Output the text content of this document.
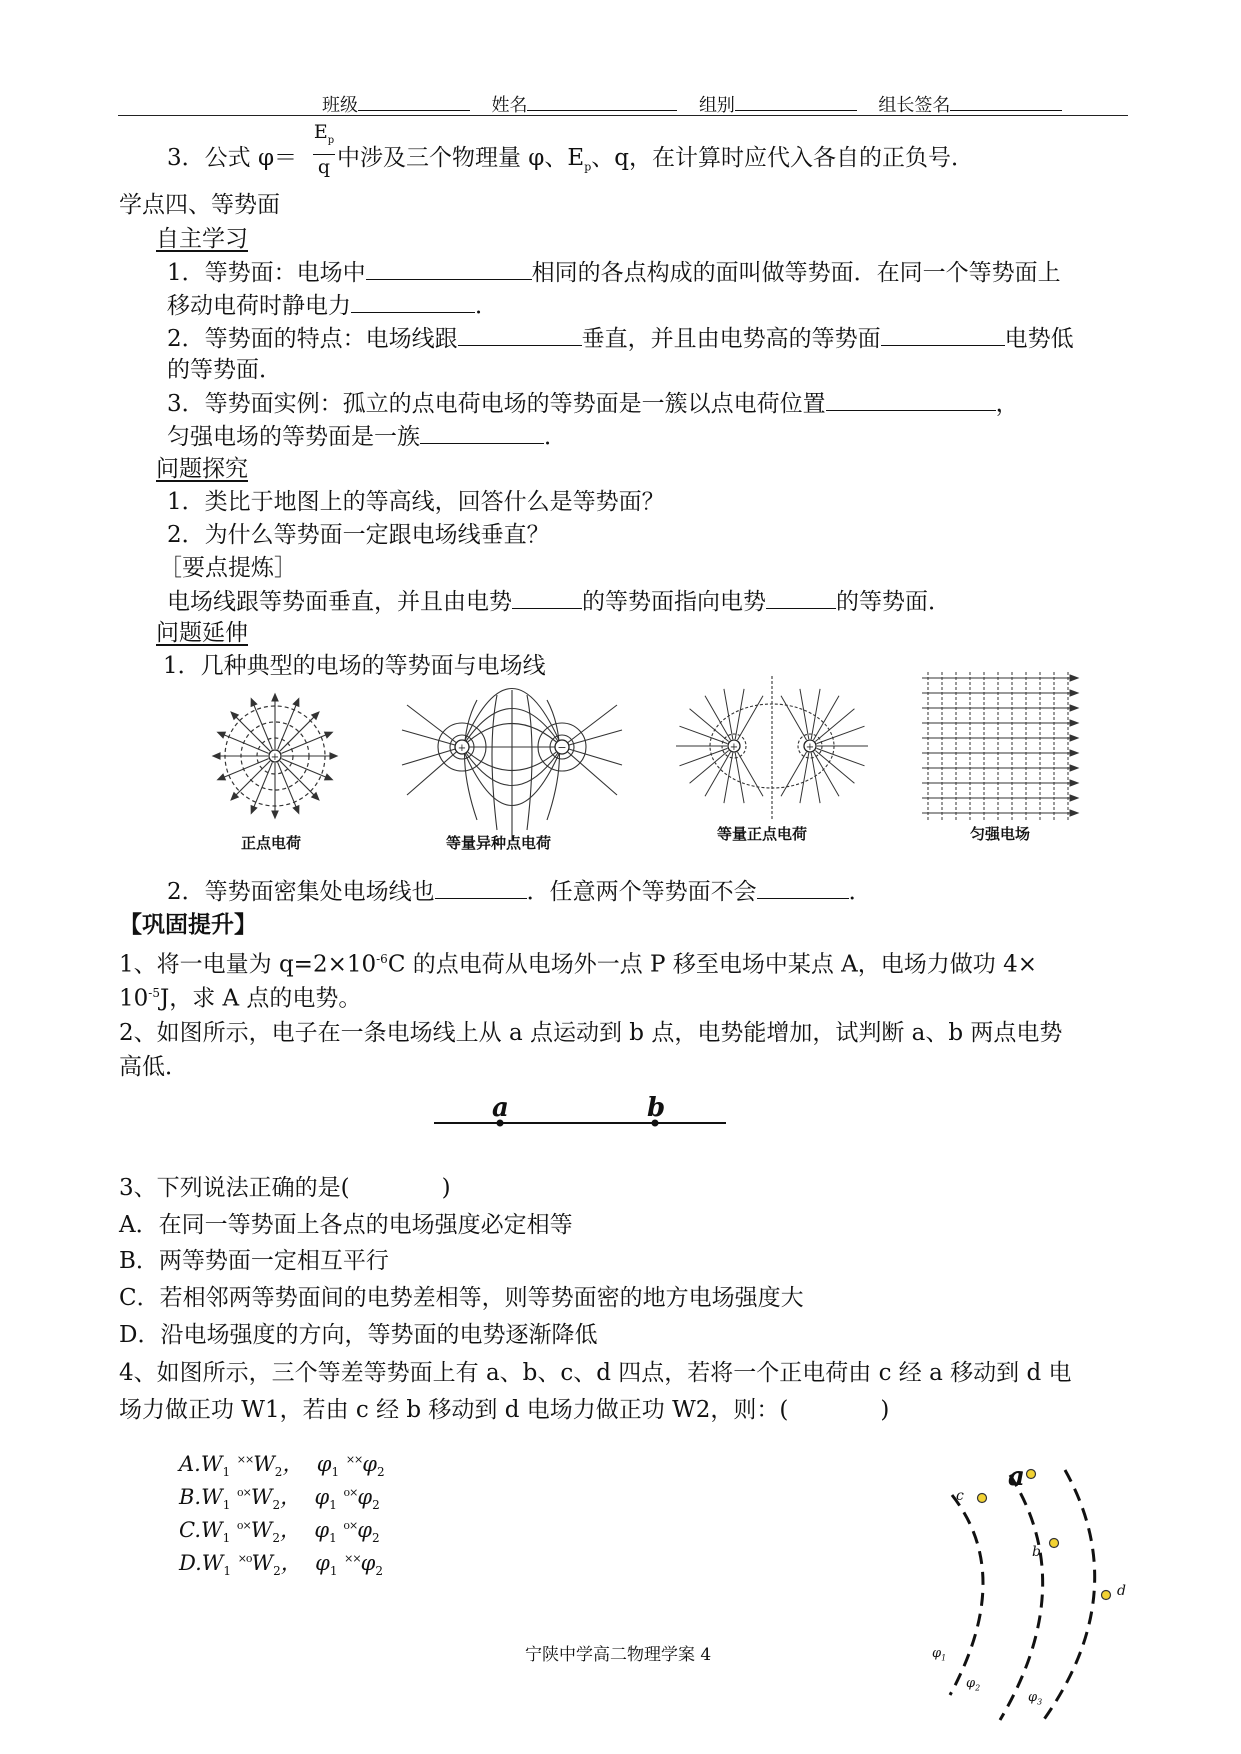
班级	姓名	组别	组长签名
3．公式 φ＝
$E_p$
q 中涉及三个物理量 φ、$E_p$、q，在计算时应代入各自的正负号．
学点四、等势面
自主学习
1．等势面：电场中	相同的各点构成的面叫做等势面．在同一个等势面上
移动电荷时静电力	．
2．等势面的特点：电场线跟	垂直，并且由电势高的等势面	电势低
的等势面．
3．等势面实例：孤立的点电荷电场的等势面是一簇以点电荷位置	，
匀强电场的等势面是一族	．
问题探究
1．类比于地图上的等高线，回答什么是等势面？
2．为什么等势面一定跟电场线垂直？
［要点提炼］
电场线跟等势面垂直，并且由电势	的等势面指向电势	的等势面．
问题延伸
1．几种典型的电场的等势面与电场线
+
正点电荷
+	−
等量异种点电荷
+	+
等量正点电荷	匀强电场
2．等势面密集处电场线也	．任意两个等势面不会	．
【巩固提升】
1、将一电量为 $q=2\times 10^{-6}C$ 的点电荷从电场外一点 P 移至电场中某点 A，电场力做功 4×
$10^{-5}J$，求 A 点的电势。
2、如图所示，电子在一条电场线上从 a 点运动到 b 点，电势能增加，试判断 a、b 两点电势
高低．
a	b
3、下列说法正确的是(　　　　)
A．在同一等势面上各点的电场强度必定相等
B．两等势面一定相互平行
C．若相邻两等势面间的电势差相等，则等势面密的地方电场强度大
D．沿电场强度的方向，等势面的电势逐渐降低
4、如图所示，三个等差等势面上有 a、b、c、d 四点，若将一个正电荷由 c 经 a 移动到 d 电
场力做正功 W1，若由 c 经 b 移动到 d 电场力做正功 W2，则：(　　　　)
$A.W_1$ $^{\times\times}W_2$，  $\varphi_1$ $^{\times\times}\varphi_2$
$B.W_1$ $^{o\times}W_2$，  $\varphi_1$ $^{o\times}\varphi_2$
$C.W_1$ $^{o\times}W_2$，  $\varphi_1$ $^{o\times}\varphi_2$
$D.W_1$ $^{\times o}W_2$，  $\varphi_1$ $^{\times\times}\varphi_2$
c
a
b
d
$\varphi_1$
$\varphi_2$
$\varphi_3$
宁陕中学高二物理学案 4
